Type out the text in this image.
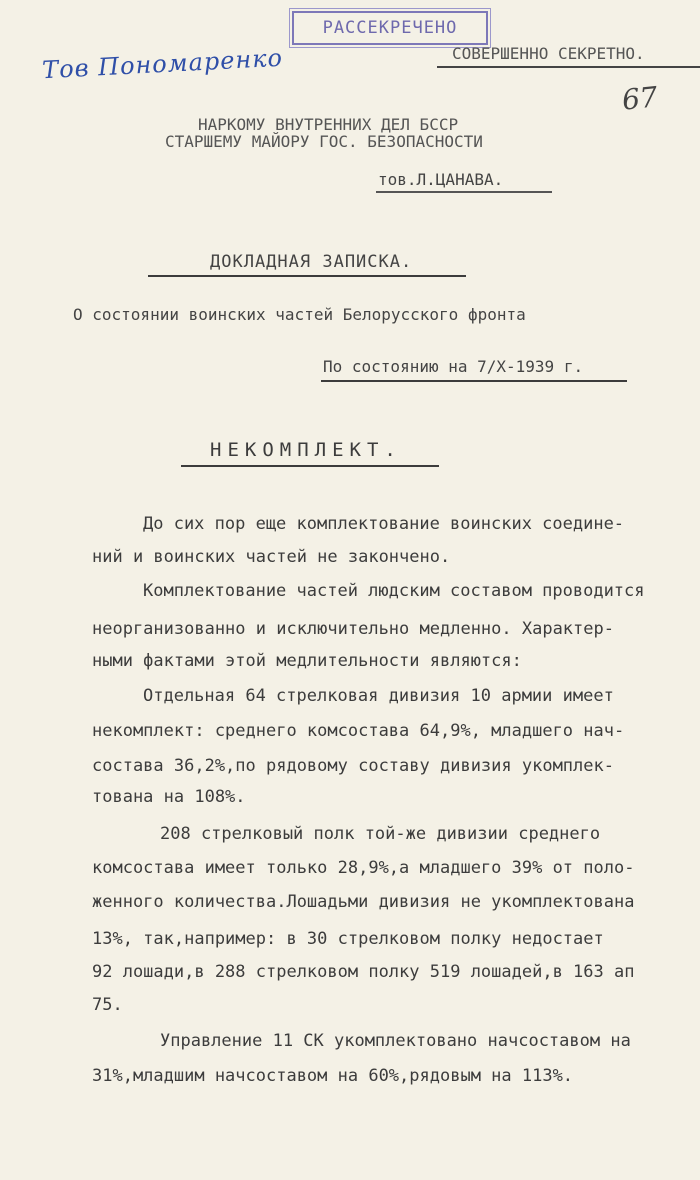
РАССЕКРЕЧЕНО
СОВЕРШЕННО СЕКРЕТНО.
Тов Пономаренко
67
НАРКОМУ ВНУТРЕННИХ ДЕЛ БССР
СТАРШЕМУ МАЙОРУ ГОС. БЕЗОПАСНОСТИ
тов.Л.ЦАНАВА.
ДОКЛАДНАЯ ЗАПИСКА.
О состоянии воинских частей Белорусского фронта
По состоянию на 7/Х-1939 г.
НЕКОМПЛЕКТ.
До сих пор еще комплектование воинских соедине-
ний и воинских частей не закончено.
Комплектование частей людским составом проводится
неорганизованно и исключительно медленно. Характер-
ными фактами этой медлительности являются:
Отдельная 64 стрелковая дивизия 10 армии имеет
некомплект: среднего комсостава 64,9%, младшего нач-
состава 36,2%,по рядовому составу дивизия укомплек-
тована на 108%.
208 стрелковый полк той-же дивизии среднего
комсостава имеет только 28,9%,а младшего 39% от поло-
женного количества.Лошадьми дивизия не укомплектована
13%, так,например: в 30 стрелковом полку недостает
92 лошади,в 288 стрелковом полку 519 лошадей,в 163 ап
75.
Управление 11 СК укомплектовано начсоставом на
31%,младшим начсоставом на 60%,рядовым на 113%.
